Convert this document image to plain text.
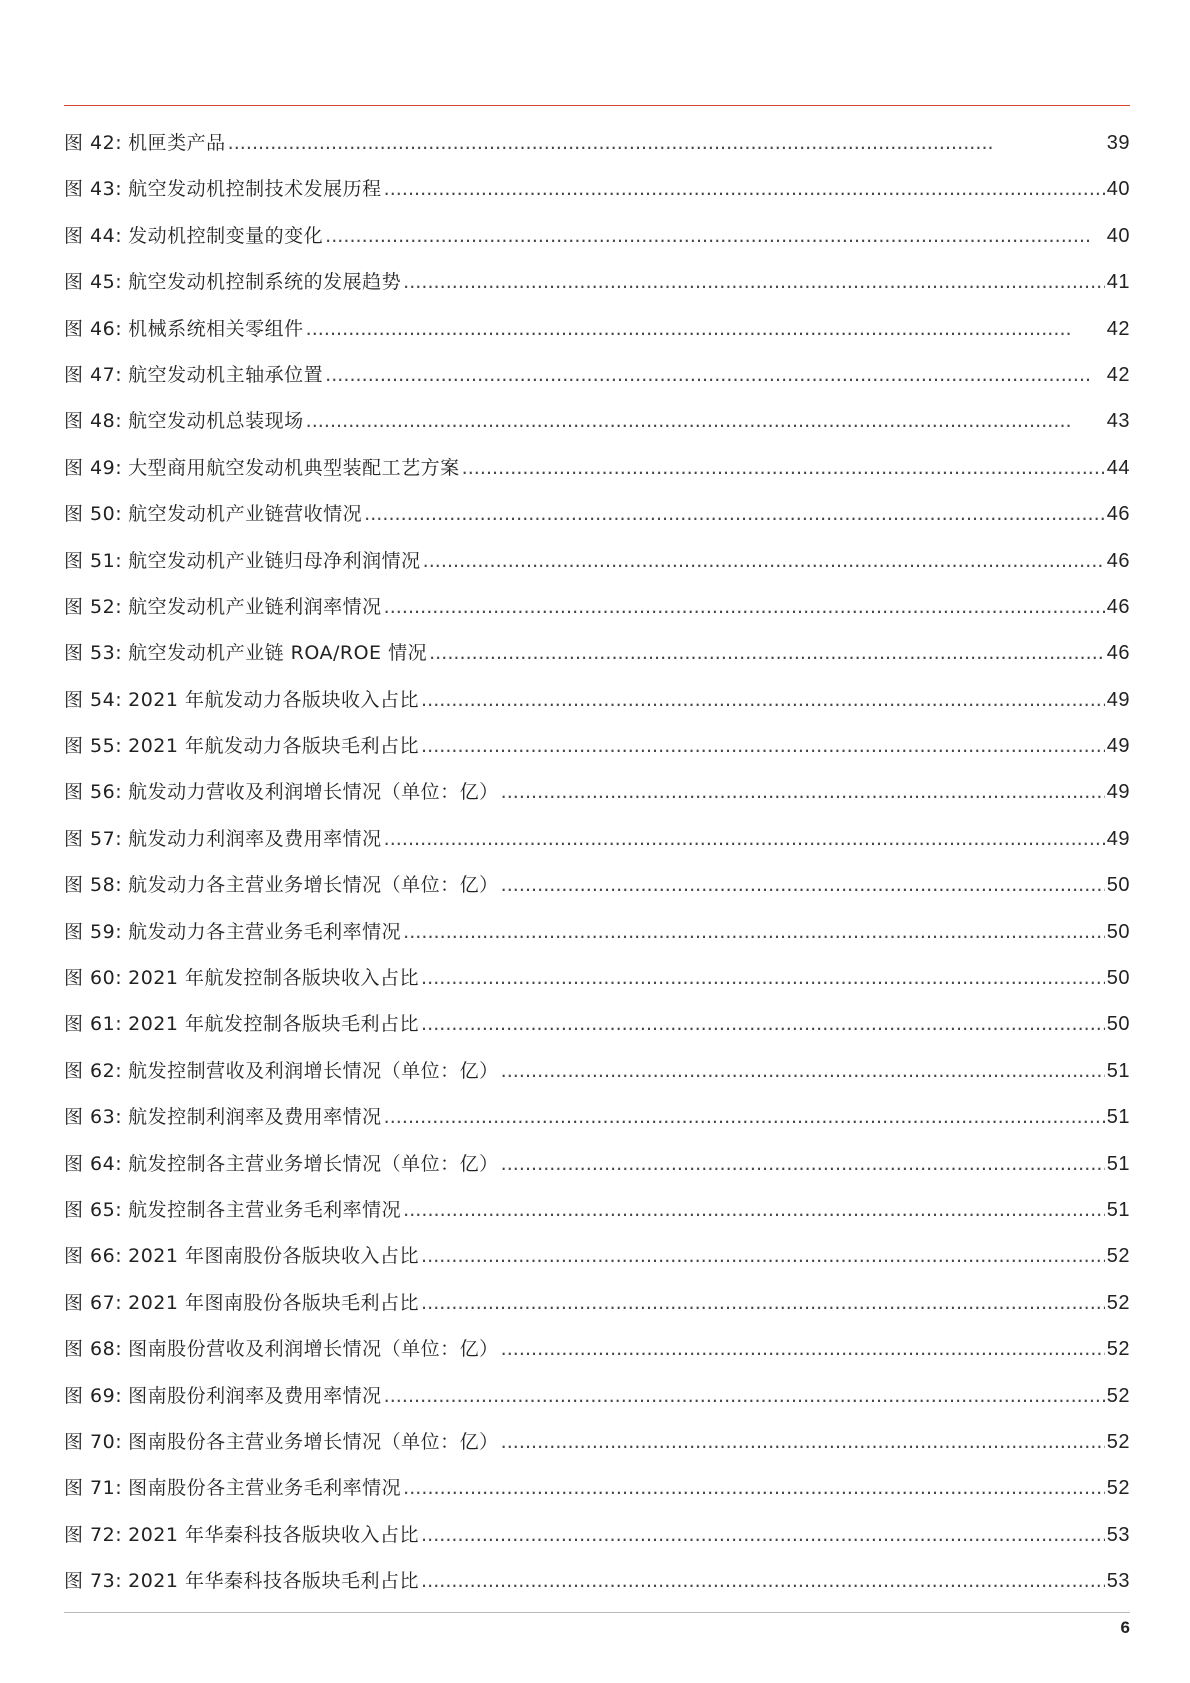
图 42: 机匣类产品 . . .	39
图 43: 航空发动机控制技术发展历程 . . .	40
图 44: 发动机控制变量的变化 . . .	40
图 45: 航空发动机控制系统的发展趋势 . . .	41
图 46: 机械系统相关零组件 . . .	42
图 47: 航空发动机主轴承位置 . . .	42
图 48: 航空发动机总装现场 . . .	43
图 49: 大型商用航空发动机典型装配工艺方案 . . .	44
图 50: 航空发动机产业链营收情况 . . .	46
图 51: 航空发动机产业链归母净利润情况 . . .	46
图 52: 航空发动机产业链利润率情况 . . .	46
图 53: 航空发动机产业链 ROA/ROE 情况 . . .	46
图 54: 2021 年航发动力各版块收入占比 . . .	49
图 55: 2021 年航发动力各版块毛利占比 . . .	49
图 56: 航发动力营收及利润增长情况（单位：亿） . . .	49
图 57: 航发动力利润率及费用率情况 . . .	49
图 58: 航发动力各主营业务增长情况（单位：亿） . . .	50
图 59: 航发动力各主营业务毛利率情况 . . .	50
图 60: 2021 年航发控制各版块收入占比 . . .	50
图 61: 2021 年航发控制各版块毛利占比 . . .	50
图 62: 航发控制营收及利润增长情况（单位：亿） . . .	51
图 63: 航发控制利润率及费用率情况 . . .	51
图 64: 航发控制各主营业务增长情况（单位：亿） . . .	51
图 65: 航发控制各主营业务毛利率情况 . . .	51
图 66: 2021 年图南股份各版块收入占比 . . .	52
图 67: 2021 年图南股份各版块毛利占比 . . .	52
图 68: 图南股份营收及利润增长情况（单位：亿） . . .	52
图 69: 图南股份利润率及费用率情况 . . .	52
图 70: 图南股份各主营业务增长情况（单位：亿） . . .	52
图 71: 图南股份各主营业务毛利率情况 . . .	52
图 72: 2021 年华秦科技各版块收入占比 . . .	53
图 73: 2021 年华秦科技各版块毛利占比 . . .	53
6
